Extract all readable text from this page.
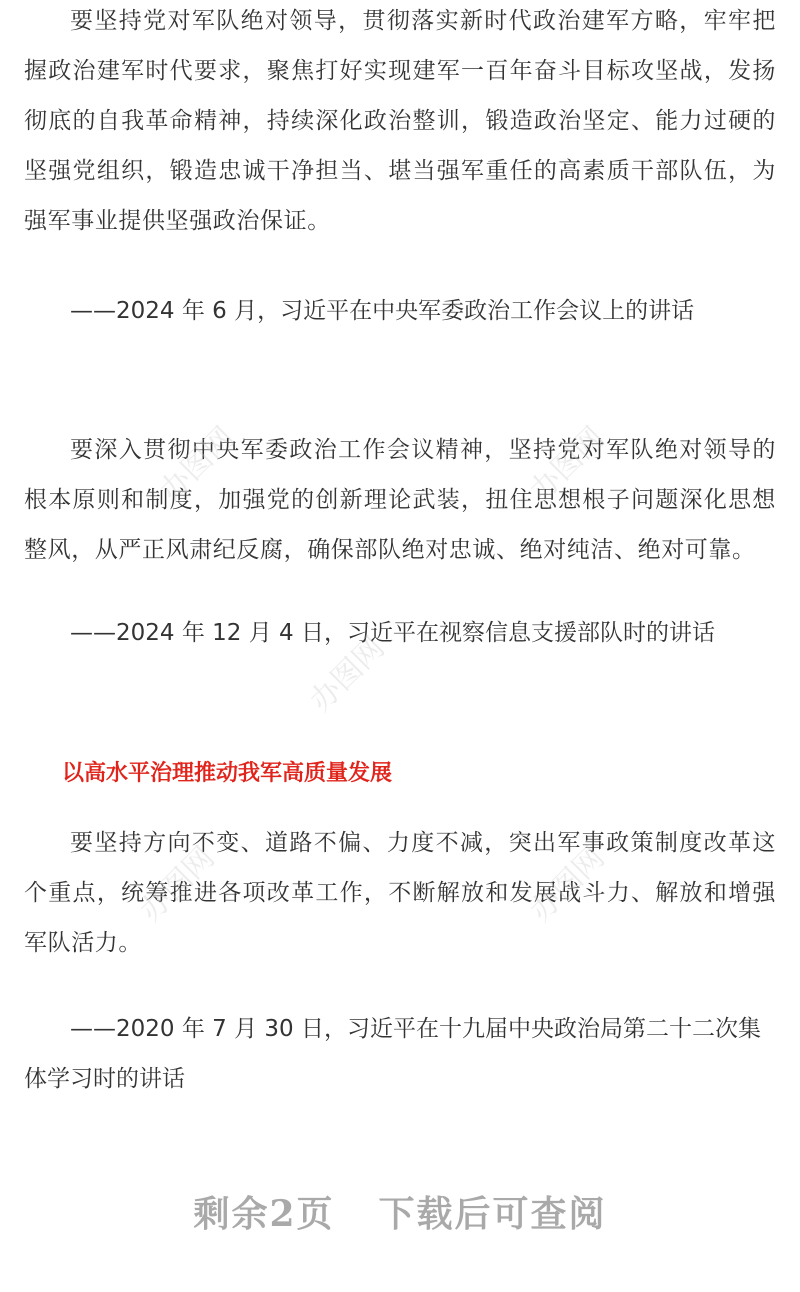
要坚持党对军队绝对领导，贯彻落实新时代政治建军方略，牢牢把握政治建军时代要求，聚焦打好实现建军一百年奋斗目标攻坚战，发扬彻底的自我革命精神，持续深化政治整训，锻造政治坚定、能力过硬的坚强党组织，锻造忠诚干净担当、堪当强军重任的高素质干部队伍，为强军事业提供坚强政治保证。

——2024 年 6 月，习近平在中央军委政治工作会议上的讲话

要深入贯彻中央军委政治工作会议精神，坚持党对军队绝对领导的根本原则和制度，加强党的创新理论武装，扭住思想根子问题深化思想整风，从严正风肃纪反腐，确保部队绝对忠诚、绝对纯洁、绝对可靠。

——2024 年 12 月 4 日，习近平在视察信息支援部队时的讲话

以高水平治理推动我军高质量发展

要坚持方向不变、道路不偏、力度不减，突出军事政策制度改革这个重点，统筹推进各项改革工作，不断解放和发展战斗力、解放和增强军队活力。

——2020 年 7 月 30 日，习近平在十九届中央政治局第二十二次集体学习时的讲话

剩余2页 下载后可查阅
办图网	办图网
办图网
办图网
办图网
